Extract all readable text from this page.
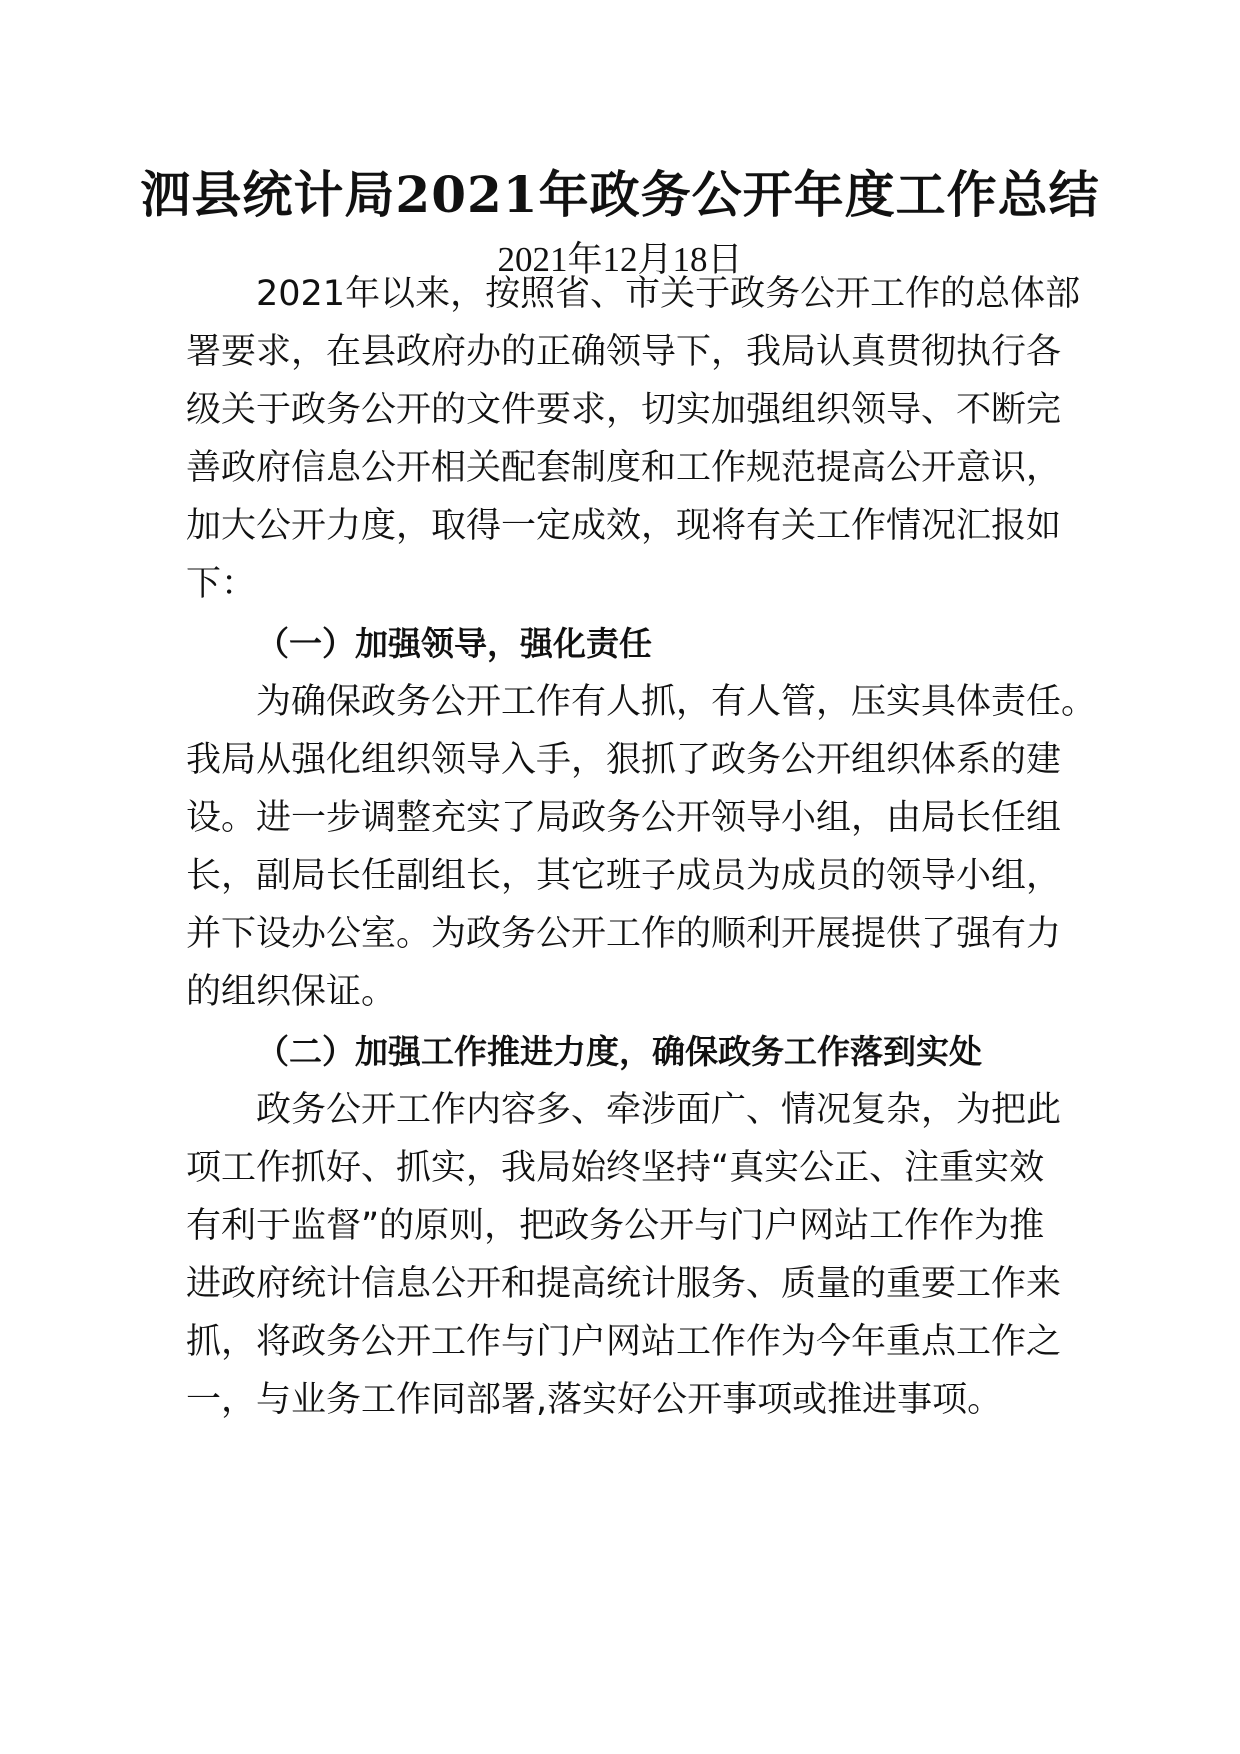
泗县统计局2021年政务公开年度工作总结
2021年12月18日
2021年以来，按照省、市关于政务公开工作的总体部
署要求，在县政府办的正确领导下，我局认真贯彻执行各
级关于政务公开的文件要求，切实加强组织领导、不断完
善政府信息公开相关配套制度和工作规范提高公开意识，
加大公开力度，取得一定成效，现将有关工作情况汇报如
下：
（一）加强领导，强化责任
为确保政务公开工作有人抓，有人管，压实具体责任。
我局从强化组织领导入手，狠抓了政务公开组织体系的建
设。进一步调整充实了局政务公开领导小组，由局长任组
长，副局长任副组长，其它班子成员为成员的领导小组，
并下设办公室。为政务公开工作的顺利开展提供了强有力
的组织保证。
（二）加强工作推进力度，确保政务工作落到实处
政务公开工作内容多、牵涉面广、情况复杂，为把此
项工作抓好、抓实，我局始终坚持“真实公正、注重实效
有利于监督”的原则，把政务公开与门户网站工作作为推
进政府统计信息公开和提高统计服务、质量的重要工作来
抓，将政务公开工作与门户网站工作作为今年重点工作之
一，与业务工作同部署,落实好公开事项或推进事项。
